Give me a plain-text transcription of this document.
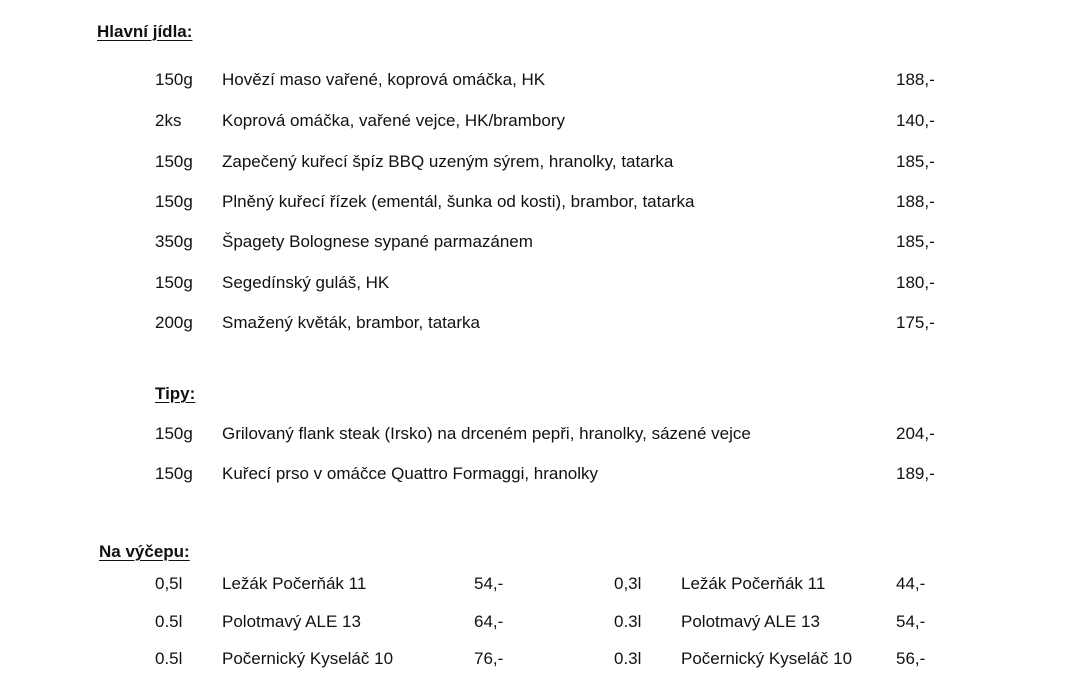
Hlavní jídla:
150g Hovězí maso vařené, koprová omáčka, HK	188,-
2ks Koprová omáčka, vařené vejce, HK/brambory	140,-
150g Zapečený kuřecí špíz BBQ uzeným sýrem, hranolky, tatarka	185,-
150g Plněný kuřecí řízek (ementál, šunka od kosti), brambor, tatarka	188,-
350g Špagety Bolognese sypané parmazánem	185,-
150g Segedínský guláš, HK	180,-
200g Smažený květák, brambor, tatarka	175,-
Tipy:
150g Grilovaný flank steak (Irsko) na drceném pepři, hranolky, sázené vejce	204,-
150g Kuřecí prso v omáčce Quattro Formaggi, hranolky	189,-
Na výčepu:
0,5l Ležák Počerňák 11	54,-	0,3l Ležák Počerňák 11	44,-
0.5l Polotmavý ALE 13	64,-	0.3l Polotmavý ALE 13	54,-
0.5l Počernický Kyseláč 10	76,-	0.3l Počernický Kyseláč 10	56,-
